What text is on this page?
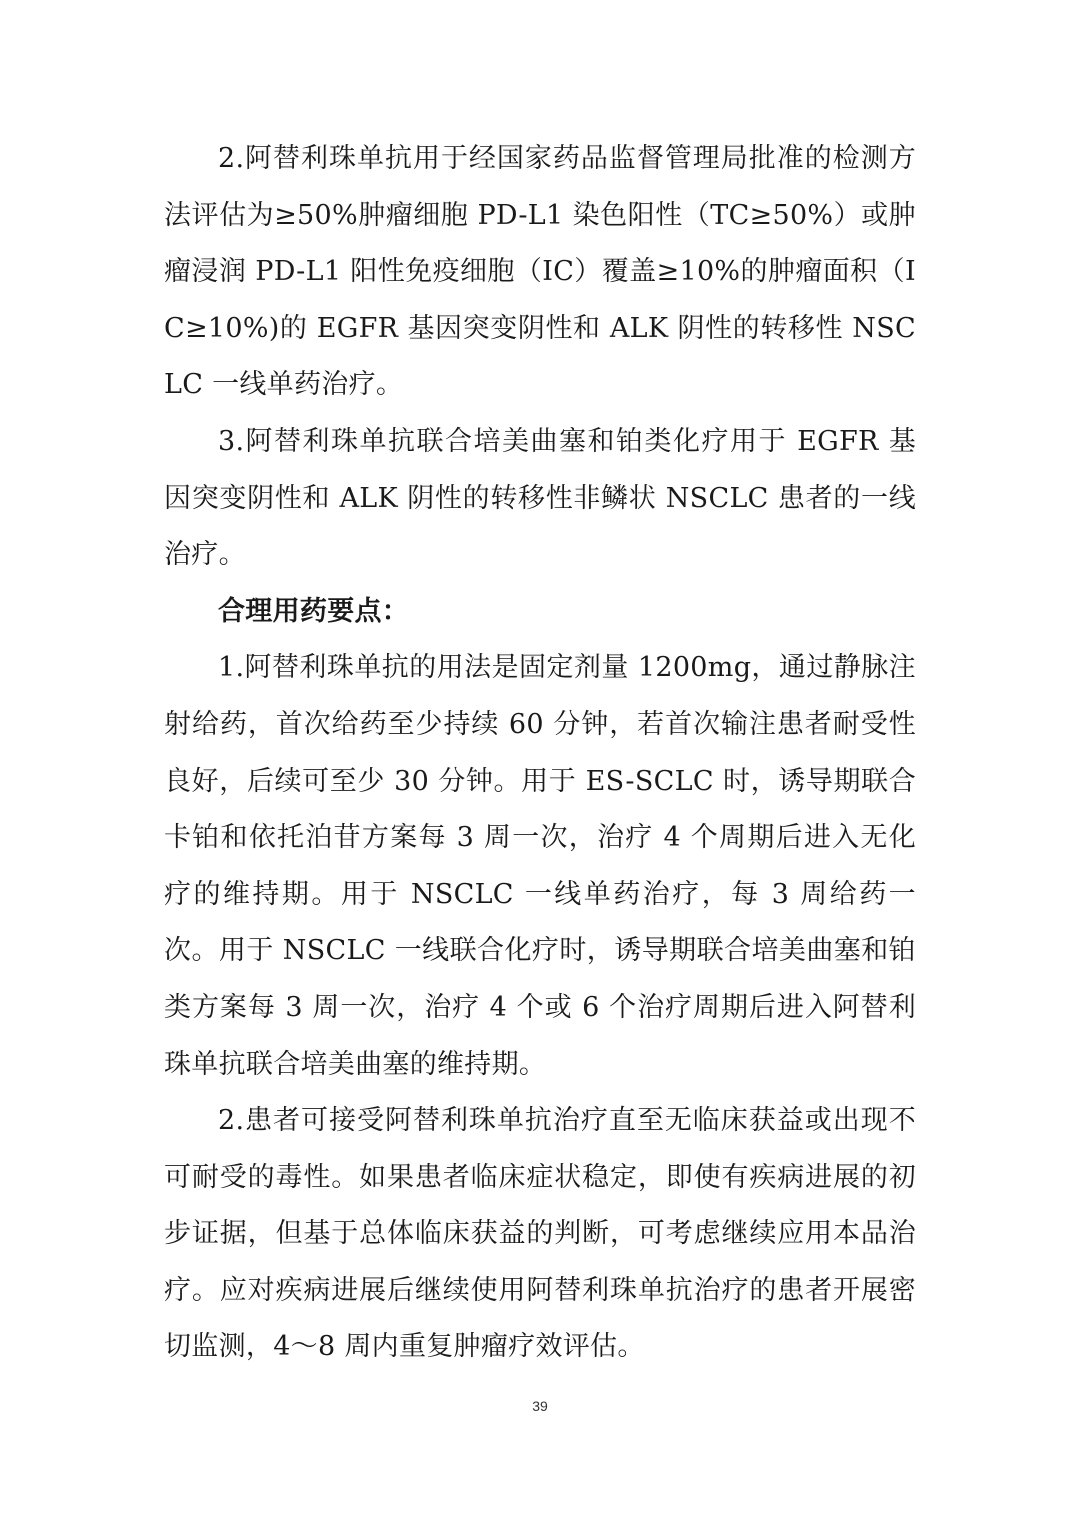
2.阿替利珠单抗用于经国家药品监督管理局批准的检测方法评估为≥50%肿瘤细胞 PD-L1 染色阳性（TC≥50%）或肿瘤浸润 PD-L1 阳性免疫细胞（IC）覆盖≥10%的肿瘤面积（IC≥10%)的 EGFR 基因突变阴性和 ALK 阴性的转移性 NSCLC 一线单药治疗。

3.阿替利珠单抗联合培美曲塞和铂类化疗用于 EGFR 基因突变阴性和 ALK 阴性的转移性非鳞状 NSCLC 患者的一线治疗。

合理用药要点：

1.阿替利珠单抗的用法是固定剂量 1200mg，通过静脉注射给药，首次给药至少持续 60 分钟，若首次输注患者耐受性良好，后续可至少 30 分钟。用于 ES-SCLC 时，诱导期联合卡铂和依托泊苷方案每 3 周一次，治疗 4 个周期后进入无化疗的维持期。用于 NSCLC 一线单药治疗，每 3 周给药一次。用于 NSCLC 一线联合化疗时，诱导期联合培美曲塞和铂类方案每 3 周一次，治疗 4 个或 6 个治疗周期后进入阿替利珠单抗联合培美曲塞的维持期。

2.患者可接受阿替利珠单抗治疗直至无临床获益或出现不可耐受的毒性。如果患者临床症状稳定，即使有疾病进展的初步证据，但基于总体临床获益的判断，可考虑继续应用本品治疗。应对疾病进展后继续使用阿替利珠单抗治疗的患者开展密切监测，4～8 周内重复肿瘤疗效评估。

39
